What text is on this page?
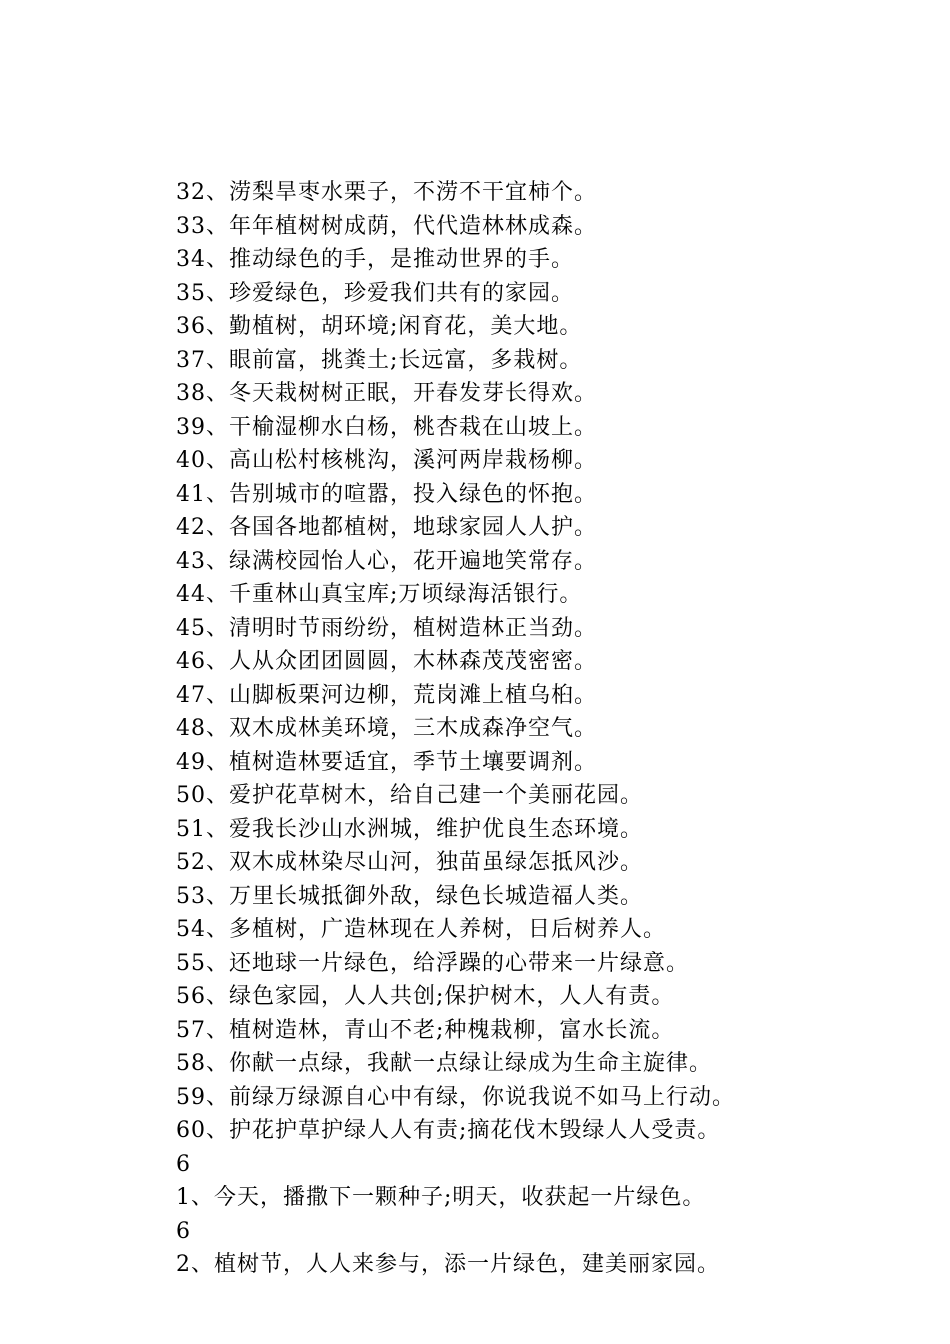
32、涝梨旱枣水栗子，不涝不干宜柿个。
33、年年植树树成荫，代代造林林成森。
34、推动绿色的手，是推动世界的手。
35、珍爱绿色，珍爱我们共有的家园。
36、勤植树，胡环境;闲育花，美大地。
37、眼前富，挑粪土;长远富，多栽树。
38、冬天栽树树正眠，开春发芽长得欢。
39、干榆湿柳水白杨，桃杏栽在山坡上。
40、高山松村核桃沟，溪河两岸栽杨柳。
41、告别城市的喧嚣，投入绿色的怀抱。
42、各国各地都植树，地球家园人人护。
43、绿满校园怡人心，花开遍地笑常存。
44、千重林山真宝库;万顷绿海活银行。
45、清明时节雨纷纷，植树造林正当劲。
46、人从众团团圆圆，木林森茂茂密密。
47、山脚板栗河边柳，荒岗滩上植乌桕。
48、双木成林美环境，三木成森净空气。
49、植树造林要适宜，季节土壤要调剂。
50、爱护花草树木，给自己建一个美丽花园。
51、爱我长沙山水洲城，维护优良生态环境。
52、双木成林染尽山河，独苗虽绿怎抵风沙。
53、万里长城抵御外敌，绿色长城造福人类。
54、多植树，广造林现在人养树，日后树养人。
55、还地球一片绿色，给浮躁的心带来一片绿意。
56、绿色家园，人人共创;保护树木，人人有责。
57、植树造林，青山不老;种槐栽柳，富水长流。
58、你献一点绿，我献一点绿让绿成为生命主旋律。
59、前绿万绿源自心中有绿，你说我说不如马上行动。
60、护花护草护绿人人有责;摘花伐木毁绿人人受责。
6
1、今天，播撒下一颗种子;明天，收获起一片绿色。
6
2、植树节，人人来参与，添一片绿色，建美丽家园。
